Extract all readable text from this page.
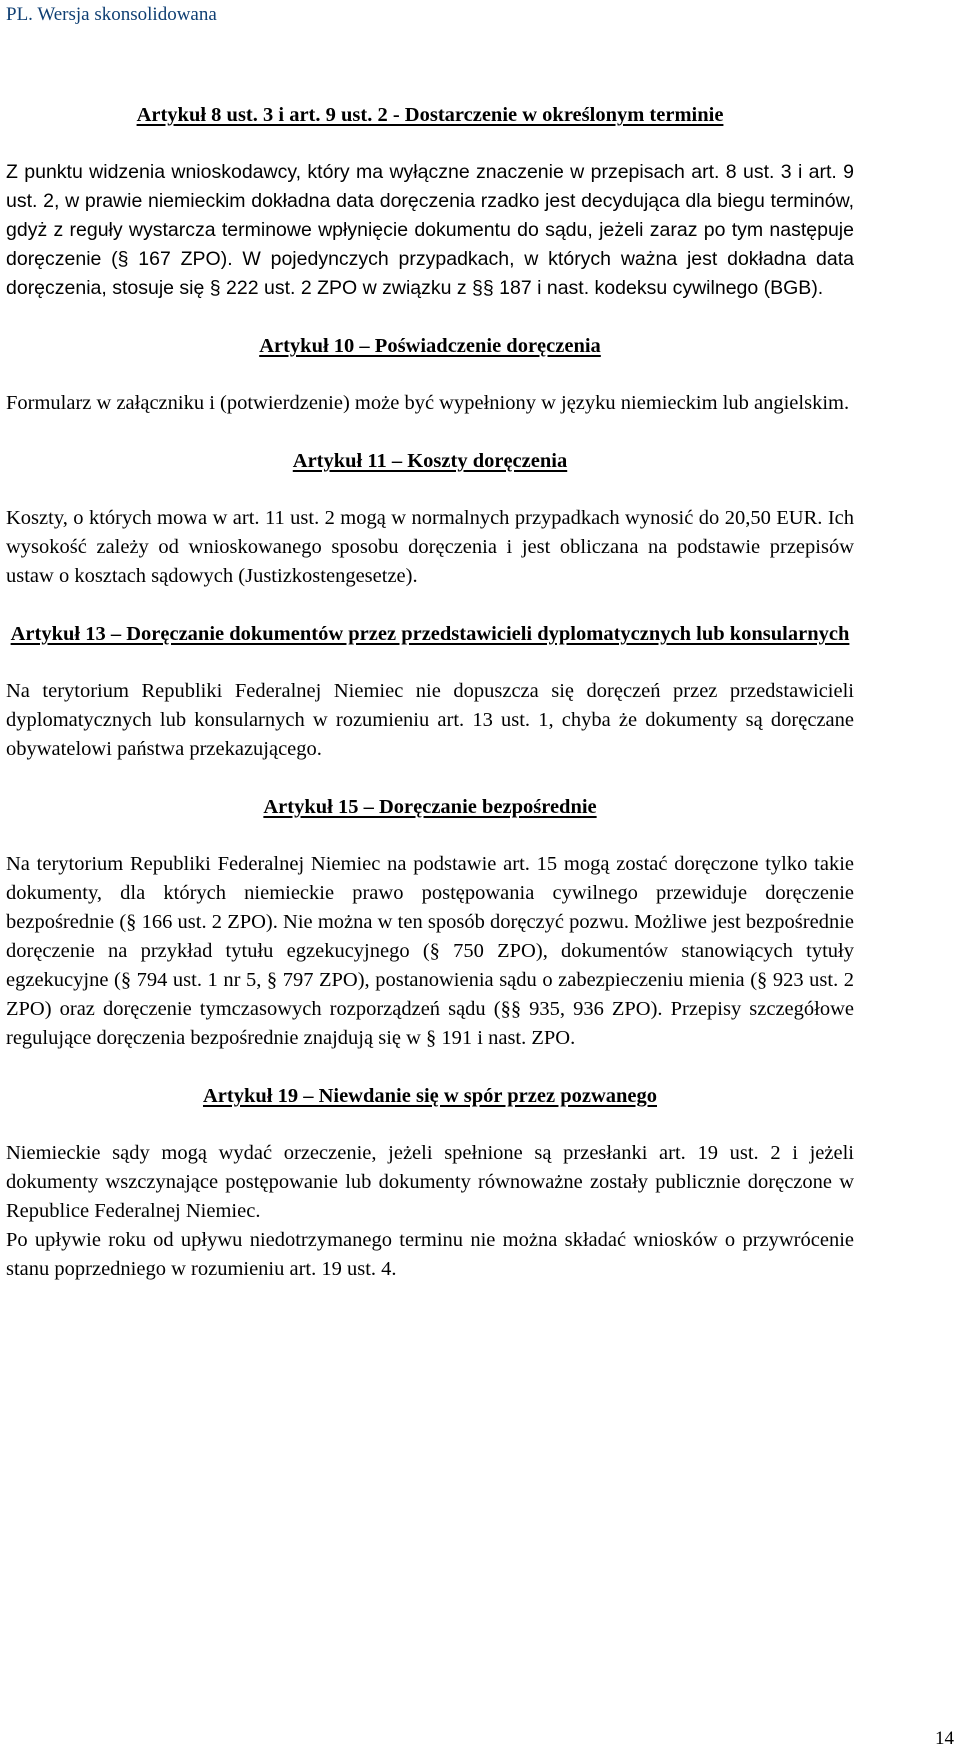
PL. Wersja skonsolidowana
Artykuł 8 ust. 3 i art. 9 ust. 2 - Dostarczenie w określonym terminie

Z punktu widzenia wnioskodawcy, który ma wyłączne znaczenie w przepisach art. 8 ust. 3 i art. 9 ust. 2, w prawie niemieckim dokładna data doręczenia rzadko jest decydująca dla biegu terminów, gdyż z reguły wystarcza terminowe wpłynięcie dokumentu do sądu, jeżeli zaraz po tym następuje doręczenie (§ 167 ZPO). W pojedynczych przypadkach, w których ważna jest dokładna data doręczenia, stosuje się § 222 ust. 2 ZPO w związku z §§ 187 i nast. kodeksu cywilnego (BGB).

Artykuł 10 – Poświadczenie doręczenia

Formularz w załączniku i (potwierdzenie) może być wypełniony w języku niemieckim lub angielskim.

Artykuł 11 – Koszty doręczenia

Koszty, o których mowa w art. 11 ust. 2 mogą w normalnych przypadkach wynosić do 20,50 EUR. Ich wysokość zależy od wnioskowanego sposobu doręczenia i jest obliczana na podstawie przepisów ustaw o kosztach sądowych (Justizkostengesetze).

Artykuł 13 – Doręczanie dokumentów przez przedstawicieli dyplomatycznych lub konsularnych

Na terytorium Republiki Federalnej Niemiec nie dopuszcza się doręczeń przez przedstawicieli dyplomatycznych lub konsularnych w rozumieniu art. 13 ust. 1, chyba że dokumenty są doręczane obywatelowi państwa przekazującego.

Artykuł 15 – Doręczanie bezpośrednie

Na terytorium Republiki Federalnej Niemiec na podstawie art. 15 mogą zostać doręczone tylko takie dokumenty, dla których niemieckie prawo postępowania cywilnego przewiduje doręczenie bezpośrednie (§ 166 ust. 2 ZPO). Nie można w ten sposób doręczyć pozwu. Możliwe jest bezpośrednie doręczenie na przykład tytułu egzekucyjnego (§ 750 ZPO), dokumentów stanowiących tytuły egzekucyjne (§ 794 ust. 1 nr 5, § 797 ZPO), postanowienia sądu o zabezpieczeniu mienia (§ 923 ust. 2 ZPO) oraz doręczenie tymczasowych rozporządzeń sądu (§§ 935, 936 ZPO). Przepisy szczegółowe regulujące doręczenia bezpośrednie znajdują się w § 191 i nast. ZPO.

Artykuł 19 – Niewdanie się w spór przez pozwanego

Niemieckie sądy mogą wydać orzeczenie, jeżeli spełnione są przesłanki art. 19 ust. 2 i jeżeli dokumenty wszczynające postępowanie lub dokumenty równoważne zostały publicznie doręczone w Republice Federalnej Niemiec.

Po upływie roku od upływu niedotrzymanego terminu nie można składać wniosków o przywrócenie stanu poprzedniego w rozumieniu art. 19 ust. 4.

14
